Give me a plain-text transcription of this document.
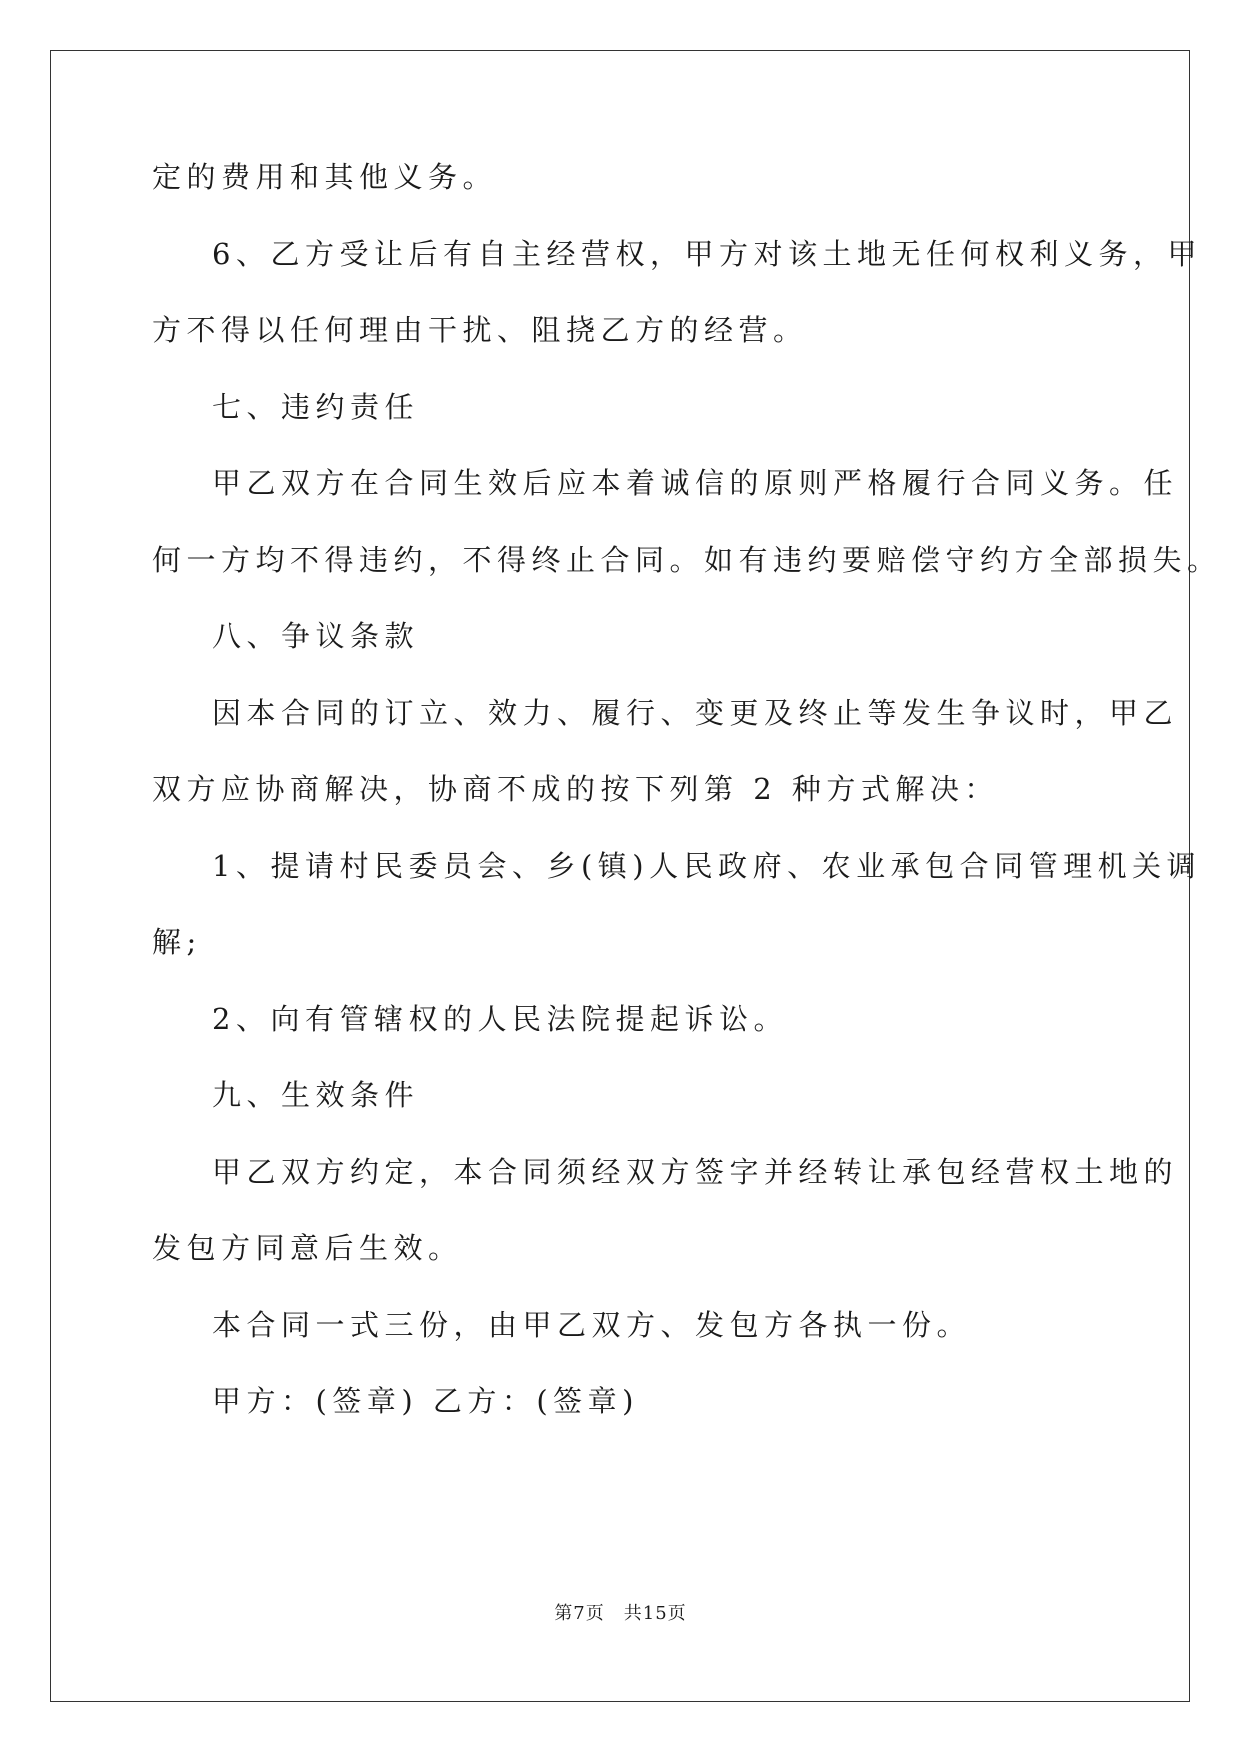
定的费用和其他义务。
6、乙方受让后有自主经营权，甲方对该土地无任何权利义务，甲
方不得以任何理由干扰、阻挠乙方的经营。
七、违约责任
甲乙双方在合同生效后应本着诚信的原则严格履行合同义务。任
何一方均不得违约，不得终止合同。如有违约要赔偿守约方全部损失。
八、争议条款
因本合同的订立、效力、履行、变更及终止等发生争议时，甲乙
双方应协商解决，协商不成的按下列第 2 种方式解决：
1、提请村民委员会、乡(镇)人民政府、农业承包合同管理机关调
解;
2、向有管辖权的人民法院提起诉讼。
九、生效条件
甲乙双方约定，本合同须经双方签字并经转让承包经营权土地的
发包方同意后生效。
本合同一式三份，由甲乙双方、发包方各执一份。
甲方：(签章) 乙方：(签章)
第7页　共15页
